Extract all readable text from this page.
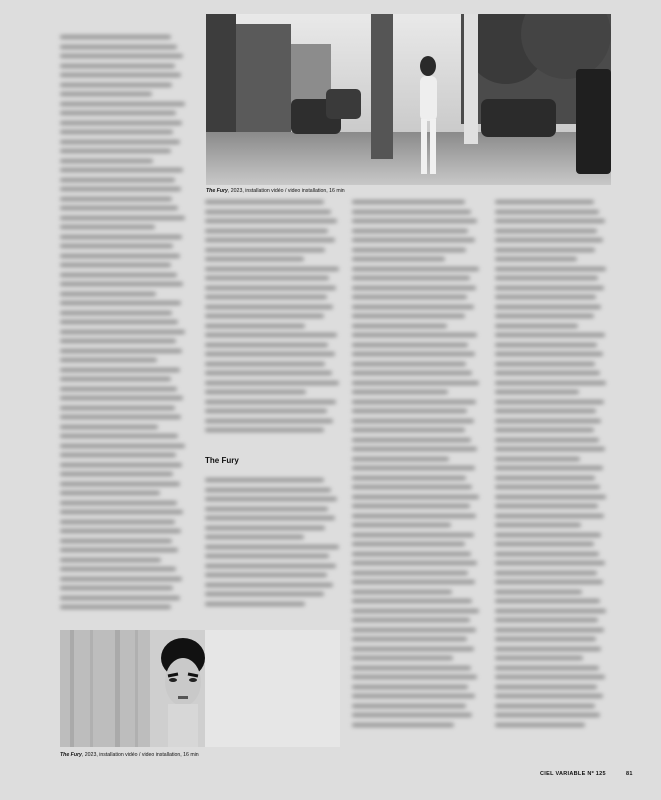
The Fury, 2023, installation vidéo / video installation, 16 min
The Fury
The Fury, 2023, installation vidéo / video installation, 16 min
CIEL VARIABLE Nº 125	81
